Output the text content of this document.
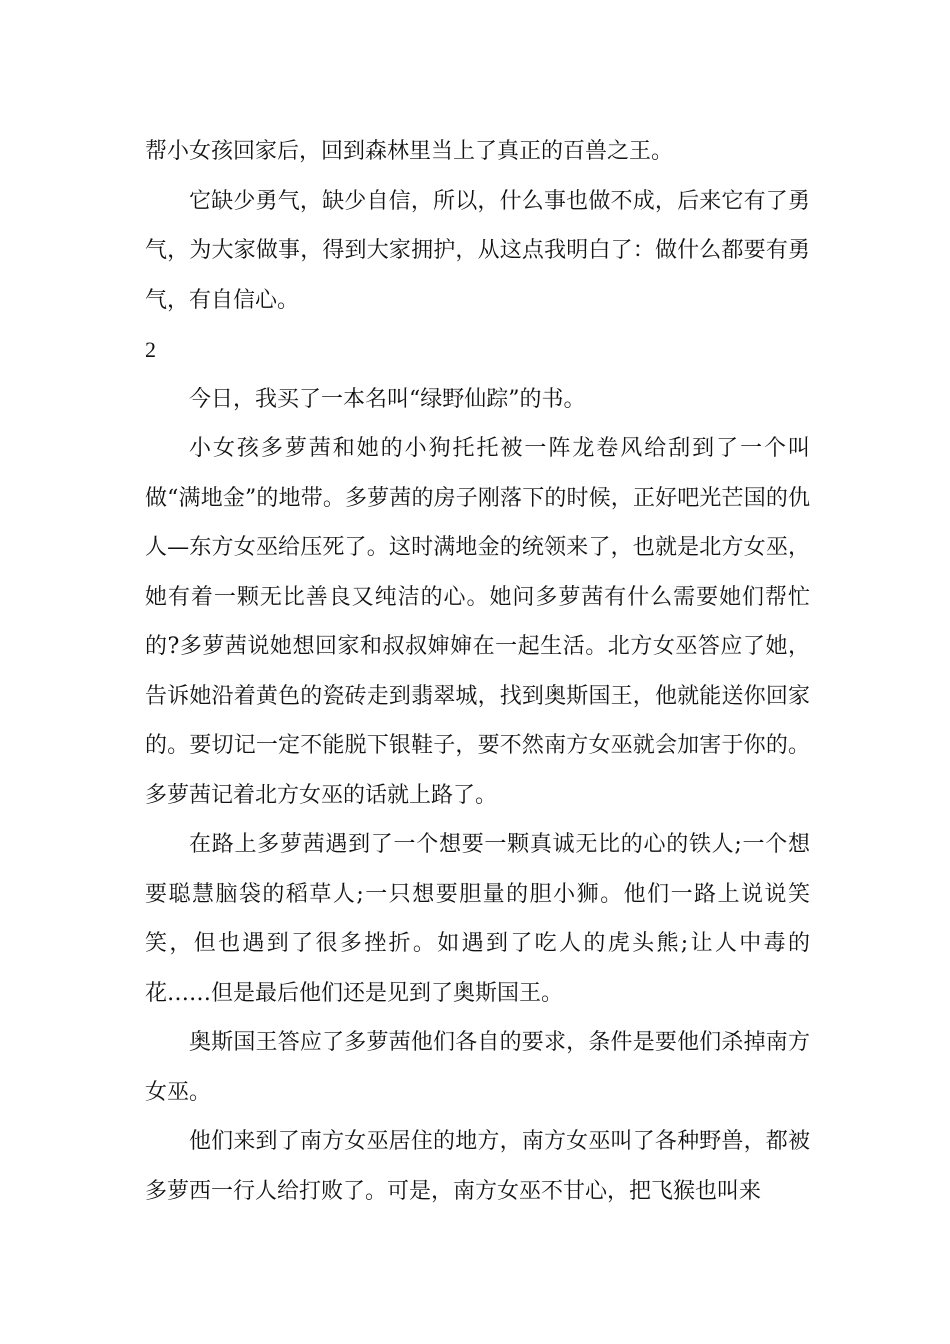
帮小女孩回家后，回到森林里当上了真正的百兽之王。

它缺少勇气，缺少自信，所以，什么事也做不成，后来它有了勇气，为大家做事，得到大家拥护，从这点我明白了：做什么都要有勇气，有自信心。

2

今日，我买了一本名叫“绿野仙踪”的书。

小女孩多萝茜和她的小狗托托被一阵龙卷风给刮到了一个叫做“满地金”的地带。多萝茜的房子刚落下的时候，正好吧光芒国的仇人—东方女巫给压死了。这时满地金的统领来了，也就是北方女巫，她有着一颗无比善良又纯洁的心。她问多萝茜有什么需要她们帮忙的?多萝茜说她想回家和叔叔婶婶在一起生活。北方女巫答应了她，告诉她沿着黄色的瓷砖走到翡翠城，找到奥斯国王，他就能送你回家的。要切记一定不能脱下银鞋子，要不然南方女巫就会加害于你的。多萝茜记着北方女巫的话就上路了。

在路上多萝茜遇到了一个想要一颗真诚无比的心的铁人;一个想要聪慧脑袋的稻草人;一只想要胆量的胆小狮。他们一路上说说笑笑，但也遇到了很多挫折。如遇到了吃人的虎头熊;让人中毒的花……但是最后他们还是见到了奥斯国王。

奥斯国王答应了多萝茜他们各自的要求，条件是要他们杀掉南方女巫。

他们来到了南方女巫居住的地方，南方女巫叫了各种野兽，都被多萝西一行人给打败了。可是，南方女巫不甘心，把飞猴也叫来
